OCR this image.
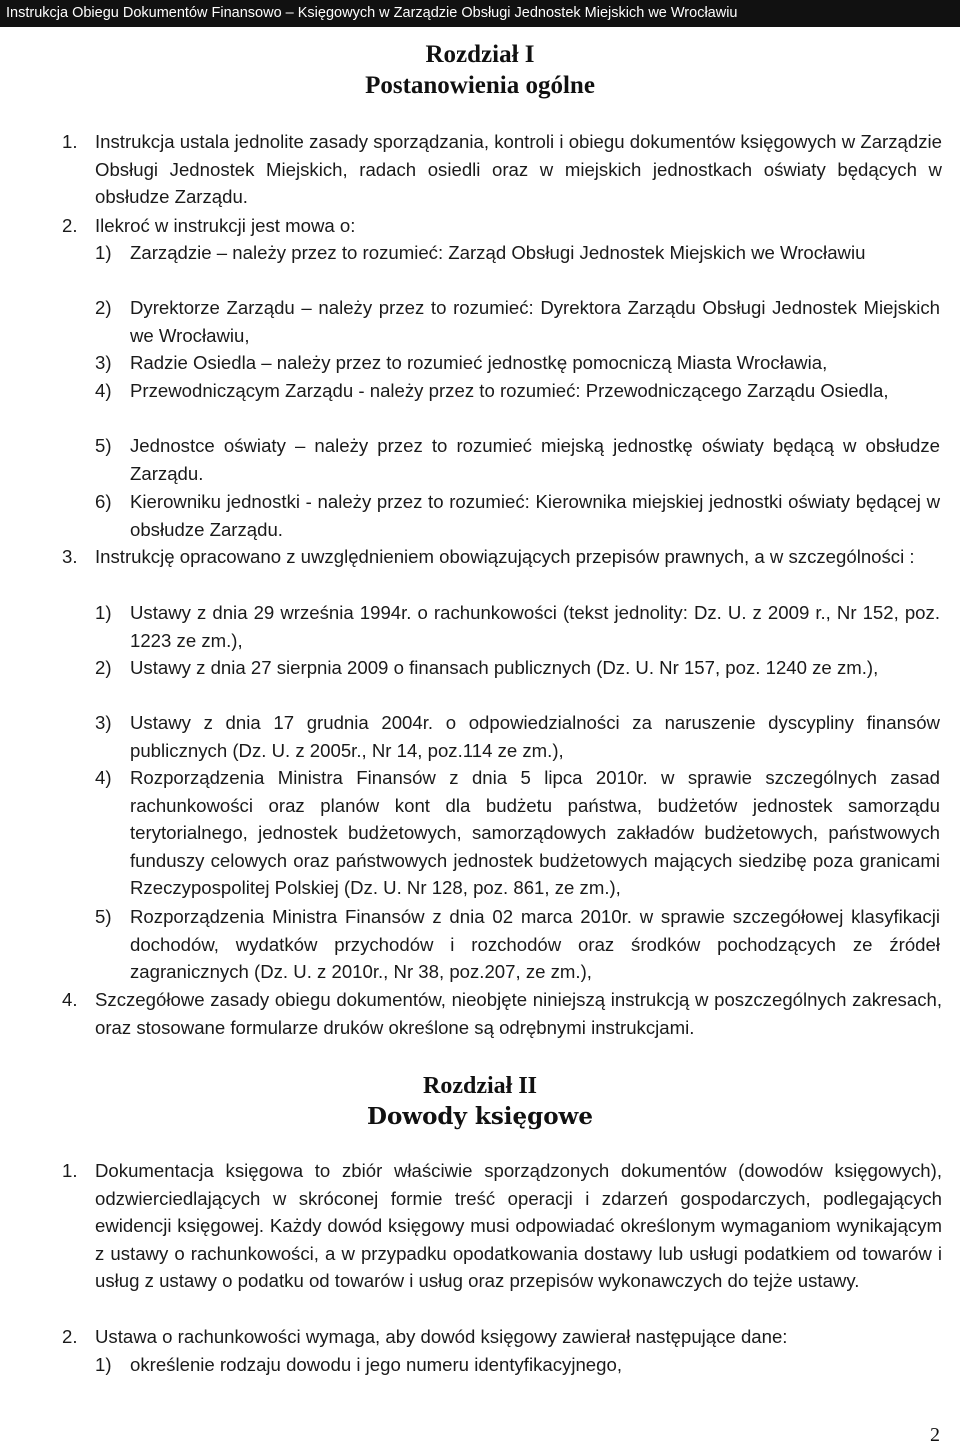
Instrukcja Obiegu Dokumentów Finansowo – Księgowych w Zarządzie Obsługi Jednostek Miejskich we Wrocławiu
Rozdział I
Postanowienia ogólne
1. Instrukcja ustala jednolite zasady sporządzania, kontroli i obiegu dokumentów księgowych w Zarządzie Obsługi Jednostek Miejskich, radach osiedli oraz w miejskich jednostkach oświaty będących w obsłudze Zarządu.
2. Ilekroć w instrukcji jest mowa o:
1) Zarządzie – należy przez to rozumieć: Zarząd Obsługi Jednostek Miejskich we Wrocławiu
2) Dyrektorze Zarządu – należy przez to rozumieć: Dyrektora Zarządu Obsługi Jednostek Miejskich we Wrocławiu,
3) Radzie Osiedla – należy przez to rozumieć jednostkę pomocniczą Miasta Wrocławia,
4) Przewodniczącym Zarządu - należy przez to rozumieć: Przewodniczącego Zarządu Osiedla,
5) Jednostce oświaty – należy przez to rozumieć miejską jednostkę oświaty będącą w obsłudze Zarządu.
6) Kierowniku jednostki - należy przez to rozumieć: Kierownika miejskiej jednostki oświaty będącej w obsłudze Zarządu.
3. Instrukcję opracowano z uwzględnieniem obowiązujących przepisów prawnych, a w szczególności :
1) Ustawy z dnia 29 września 1994r. o rachunkowości (tekst jednolity: Dz. U. z 2009 r., Nr 152, poz. 1223 ze zm.),
2) Ustawy z dnia 27 sierpnia 2009 o finansach publicznych (Dz. U. Nr 157, poz. 1240 ze zm.),
3) Ustawy z dnia 17 grudnia 2004r. o odpowiedzialności za naruszenie dyscypliny finansów publicznych (Dz. U. z 2005r., Nr 14, poz.114 ze zm.),
4) Rozporządzenia Ministra Finansów z dnia 5 lipca 2010r. w sprawie szczególnych zasad rachunkowości oraz planów kont dla budżetu państwa, budżetów jednostek samorządu terytorialnego, jednostek budżetowych, samorządowych zakładów budżetowych, państwowych funduszy celowych oraz państwowych jednostek budżetowych mających siedzibę poza granicami Rzeczypospolitej Polskiej (Dz. U. Nr 128, poz. 861, ze zm.),
5) Rozporządzenia Ministra Finansów z dnia 02 marca 2010r. w sprawie szczegółowej klasyfikacji dochodów, wydatków przychodów i rozchodów oraz środków pochodzących ze źródeł zagranicznych (Dz. U. z 2010r., Nr 38, poz.207, ze zm.),
4. Szczegółowe zasady obiegu dokumentów, nieobjęte niniejszą instrukcją w poszczególnych zakresach, oraz stosowane formularze druków określone są odrębnymi instrukcjami.
Rozdział II
Dowody księgowe
1. Dokumentacja księgowa to zbiór właściwie sporządzonych dokumentów (dowodów księgowych), odzwierciedlających w skróconej formie treść operacji i zdarzeń gospodarczych, podlegających ewidencji księgowej. Każdy dowód księgowy musi odpowiadać określonym wymaganiom wynikającym z ustawy o rachunkowości, a w przypadku opodatkowania dostawy lub usługi podatkiem od towarów i usług z ustawy o podatku od towarów i usług oraz przepisów wykonawczych do tejże ustawy.
2. Ustawa o rachunkowości wymaga, aby dowód księgowy zawierał następujące dane:
1) określenie rodzaju dowodu i jego numeru identyfikacyjnego,
2
